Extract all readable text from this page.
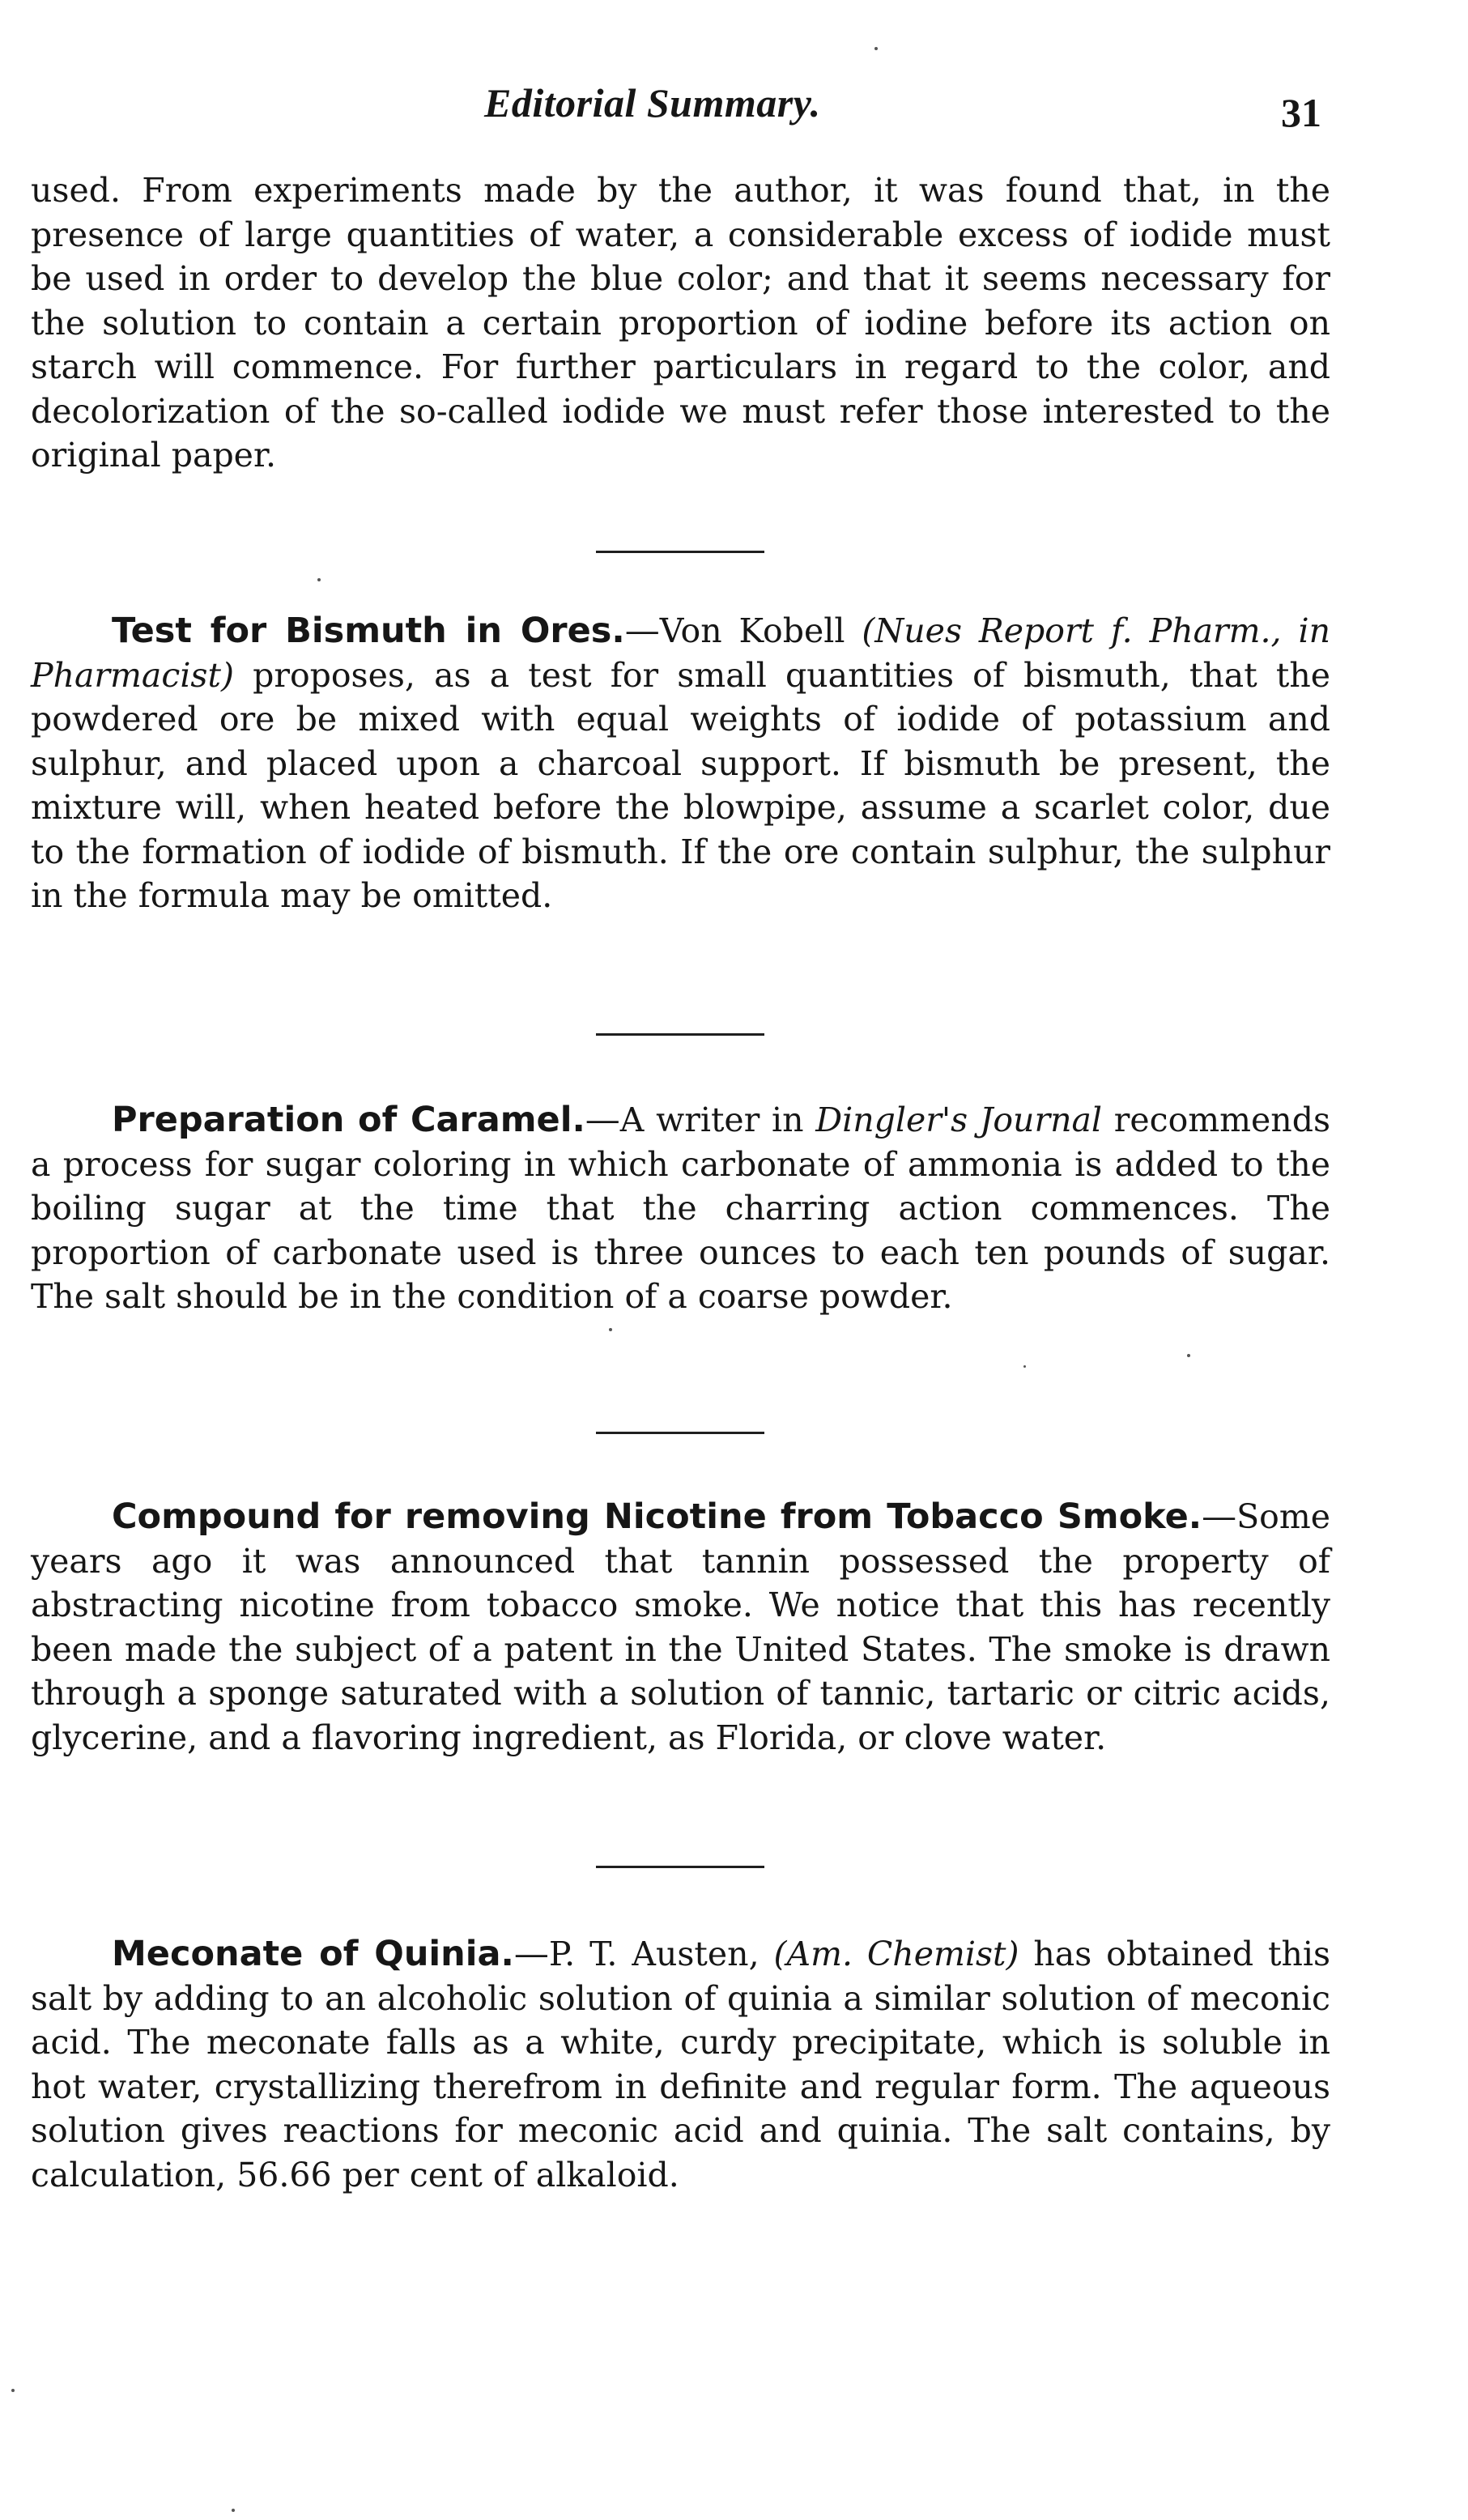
Editorial Summary.	31

used. From experiments made by the author, it was found that, in the presence of large quantities of water, a considerable excess of iodide must be used in order to develop the blue color; and that it seems necessary for the solution to contain a certain proportion of iodine before its action on starch will commence. For further particulars in regard to the color, and decolorization of the so-called iodide we must refer those interested to the original paper.

Test for Bismuth in Ores.—Von Kobell (Nues Report f. Pharm., in Pharmacist) proposes, as a test for small quantities of bismuth, that the powdered ore be mixed with equal weights of iodide of potassium and sulphur, and placed upon a charcoal support. If bismuth be present, the mixture will, when heated before the blowpipe, assume a scarlet color, due to the formation of iodide of bismuth. If the ore contain sulphur, the sulphur in the formula may be omitted.

Preparation of Caramel.—A writer in Dingler's Journal recommends a process for sugar coloring in which carbonate of ammonia is added to the boiling sugar at the time that the charring action commences. The proportion of carbonate used is three ounces to each ten pounds of sugar. The salt should be in the condition of a coarse powder.

Compound for removing Nicotine from Tobacco Smoke.—Some years ago it was announced that tannin possessed the property of abstracting nicotine from tobacco smoke. We notice that this has recently been made the subject of a patent in the United States. The smoke is drawn through a sponge saturated with a solution of tannic, tartaric or citric acids, glycerine, and a flavoring ingredient, as Florida, or clove water.

Meconate of Quinia.—P. T. Austen, (Am. Chemist) has obtained this salt by adding to an alcoholic solution of quinia a similar solution of meconic acid. The meconate falls as a white, curdy precipitate, which is soluble in hot water, crystallizing therefrom in definite and regular form. The aqueous solution gives reactions for meconic acid and quinia. The salt contains, by calculation, 56.66 per cent of alkaloid.
